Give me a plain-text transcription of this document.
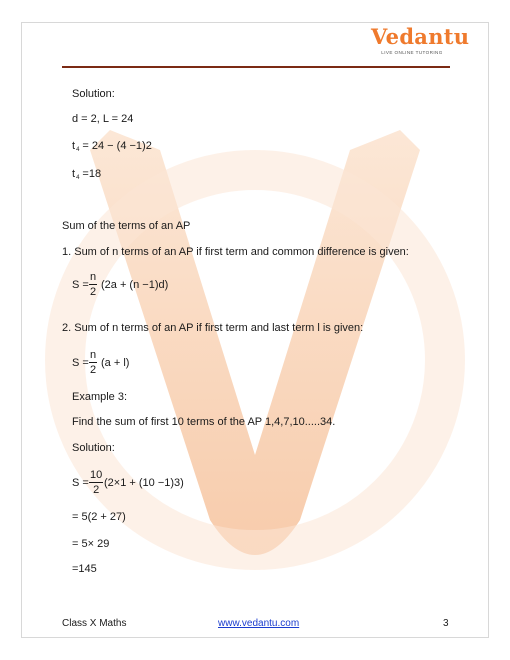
Vedantu
LIVE ONLINE TUTORING
Solution:
d = 2, L = 24
t4 = 24 − (4 −1)2
t4 =18
Sum of the terms of an AP
1. Sum of n terms of an AP if first term and common difference is given:
S =
n
2
(2a + (n −1)d)
2. Sum of n terms of an AP if first term and last term l is given:
S =
n
2
(a + l)
Example 3:
Find the sum of first 10 terms of the AP 1,4,7,10.....34.
Solution:
S =
10
2
(2×1 + (10 −1)3)
= 5(2 + 27)
= 5× 29
=145
Class X Maths	www.vedantu.com	3
